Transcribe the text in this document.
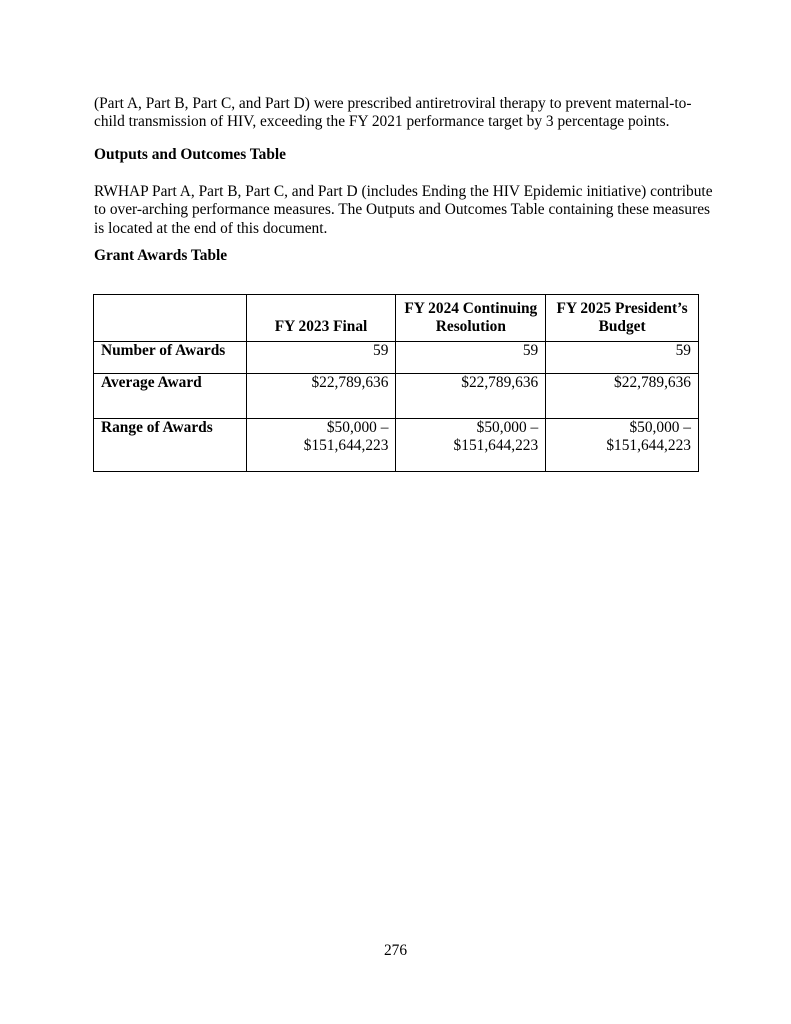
(Part A, Part B, Part C, and Part D) were prescribed antiretroviral therapy to prevent maternal-to-child transmission of HIV, exceeding the FY 2021 performance target by 3 percentage points.

Outputs and Outcomes Table

RWHAP Part A, Part B, Part C, and Part D (includes Ending the HIV Epidemic initiative) contribute to over-arching performance measures. The Outputs and Outcomes Table containing these measures is located at the end of this document.

Grant Awards Table

	FY 2023 Final	FY 2024 Continuing Resolution	FY 2025 President’s Budget
Number of Awards	59	59	59
Average Award	$22,789,636	$22,789,636	$22,789,636
Range of Awards	$50,000 – $151,644,223	$50,000 – $151,644,223	$50,000 – $151,644,223

276
